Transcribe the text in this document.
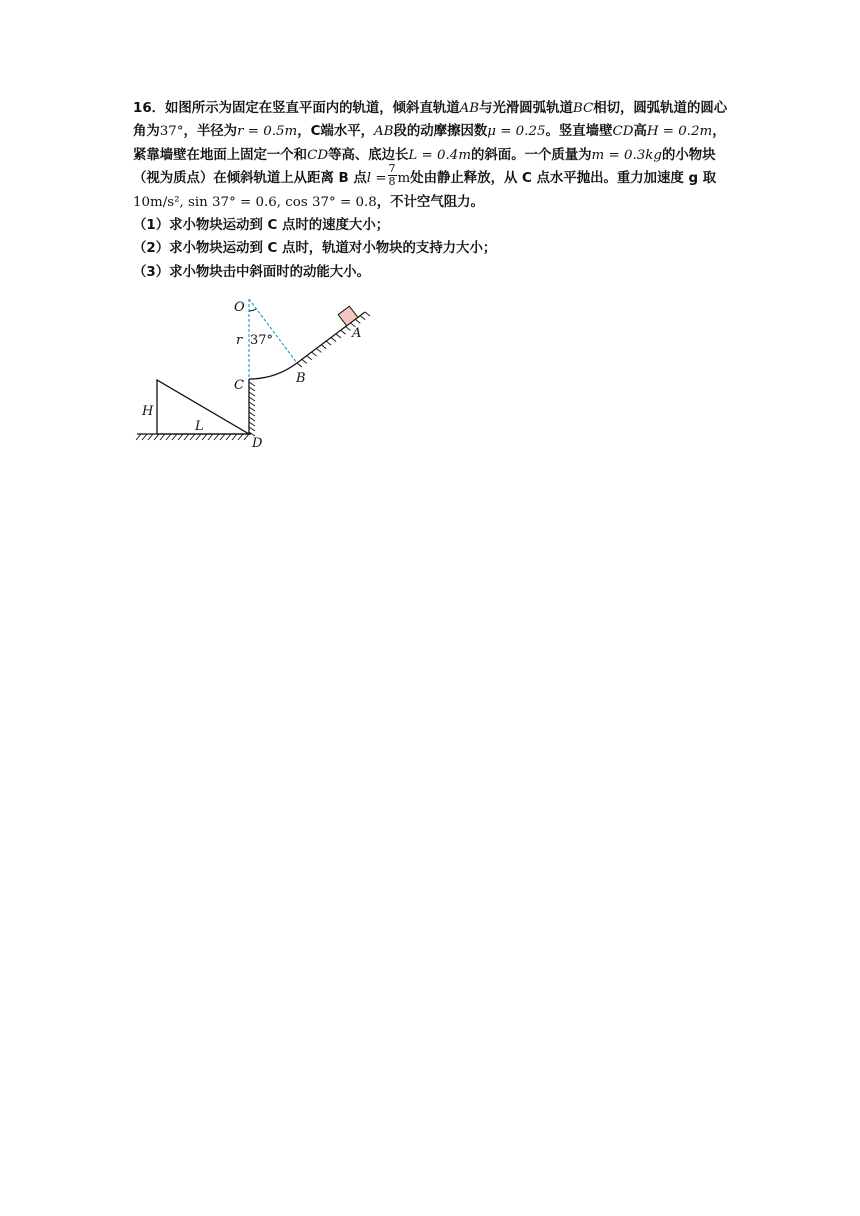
16．如图所示为固定在竖直平面内的轨道，倾斜直轨道AB与光滑圆弧轨道BC相切，圆弧轨道的圆心角为37°，半径为r = 0.5m，C端水平，AB段的动摩擦因数μ = 0.25。竖直墙壁CD高H = 0.2m，紧靠墙壁在地面上固定一个和CD等高、底边长L = 0.4m的斜面。一个质量为m = 0.3kg的小物块（视为质点）在倾斜轨道上从距离 B 点$l = \frac{7}{8}$ m处由静止释放，从 C 点水平抛出。重力加速度 g 取10m/s², sin 37° = 0.6, cos 37° = 0.8，不计空气阻力。

（1）求小物块运动到 C 点时的速度大小；

（2）求小物块运动到 C 点时，轨道对小物块的支持力大小；

（3）求小物块击中斜面时的动能大小。

O
r 37°	A
B
C
D
H
L
